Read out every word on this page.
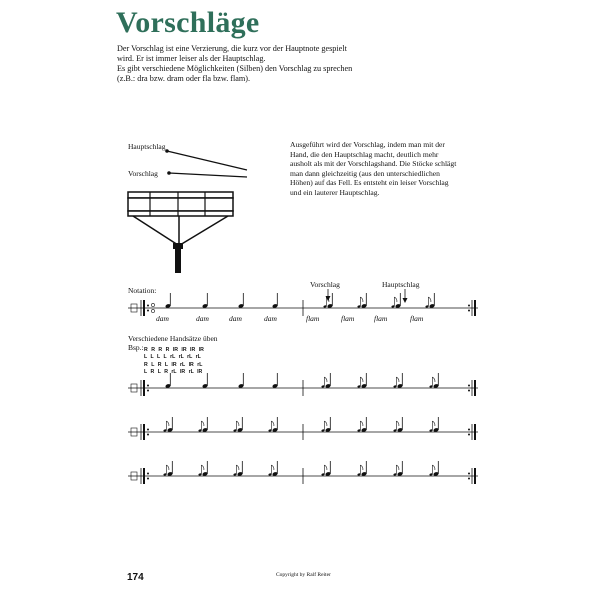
Vorschläge
Der Vorschlag ist eine Verzierung, die kurz vor der Hauptnote gespielt
wird. Er ist immer leiser als der Hauptschlag.
Es gibt verschiedene Möglichkeiten (Silben) den Vorschlag zu sprechen
(z.B.: dra bzw. dram oder fla bzw. flam).
Hauptschlag
Vorschlag
Ausgeführt wird der Vorschlag, indem man mit der
Hand, die den Hauptschlag macht, deutlich mehr
ausholt als mit der Vorschlagshand. Die Stöcke schlägt
man dann gleichzeitig (aus den unterschiedlichen
Höhen) auf das Fell. Es entsteht ein leiser Vorschlag
und ein lauterer Hauptschlag.
Notation:
Vorschlag	Hauptschlag
dam	dam	dam	dam	flam	flam	flam	flam
Verschiedene Handsätze üben
Bsp.: R R R R lR lR lR lR
L L L L rL rL rL rL
R L R L lR rL lR rL
L R L R rL lR rL lR
174	Copyright by Ralf Reiter
